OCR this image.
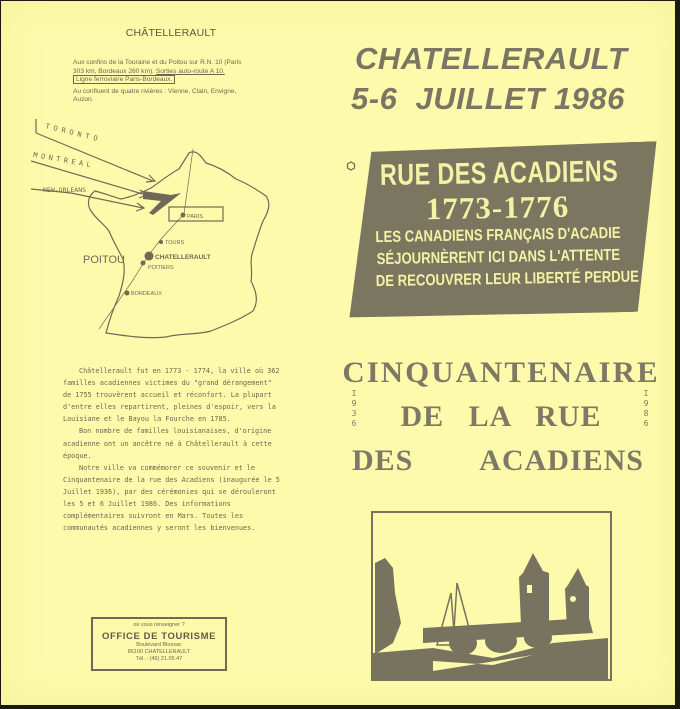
CHÂTELLERAULT

Aux confins de la Touraine et du Poitou sur R.N. 10 (Paris 303 km, Bordeaux 260 km). Sorties auto-route A 10. Ligne ferroviaire Paris-Bordeaux.

Au confluent de quatre rivières : Vienne, Clain, Envigne, Auzon.

TORONTO
MONTREAL
NEW-ORLEANS
PARIS
TOURS
CHATELLERAULT
POITIERS
BORDEAUX
POITOU

Châtellerault fut en 1773 - 1774, la ville où 362 familles acadiennes victimes du "grand dérangement" de 1755 trouvèrent accueil et réconfort. La plupart d'entre elles repartirent, pleines d'espoir, vers la Louisiane et le Bayou la Fourche en 1785.

Bon nombre de familles louisianaises, d'origine acadienne ont un ancêtre né à Châtellerault à cette époque.

Notre ville va commémorer ce souvenir et le Cinquantenaire de la rue des Acadiens (inaugurée le 5 Juillet 1936), par des cérémonies qui se dérouleront les 5 et 6 Juillet 1986. Des informations complémentaires suivront en Mars. Toutes les communautés acadiennes y seront les bienvenues.

où vous renseigner ?
OFFICE DE TOURISME
Boulevard Blossac
86100 CHATELLERAULT
Tél. : (49) 21.05.47
CHATELLERAULT
5-6  JUILLET 1986
RUE DES ACADIENS
1773-1776
LES CANADIENS FRANÇAIS D'ACADIE
SÉJOURNÈRENT ICI DANS L'ATTENTE
DE RECOUVRER LEUR LIBERTÉ PERDUE
CINQUANTENAIRE
DE LA RUE
DES ACADIENS
I
9
3
6
I
9
8
6
